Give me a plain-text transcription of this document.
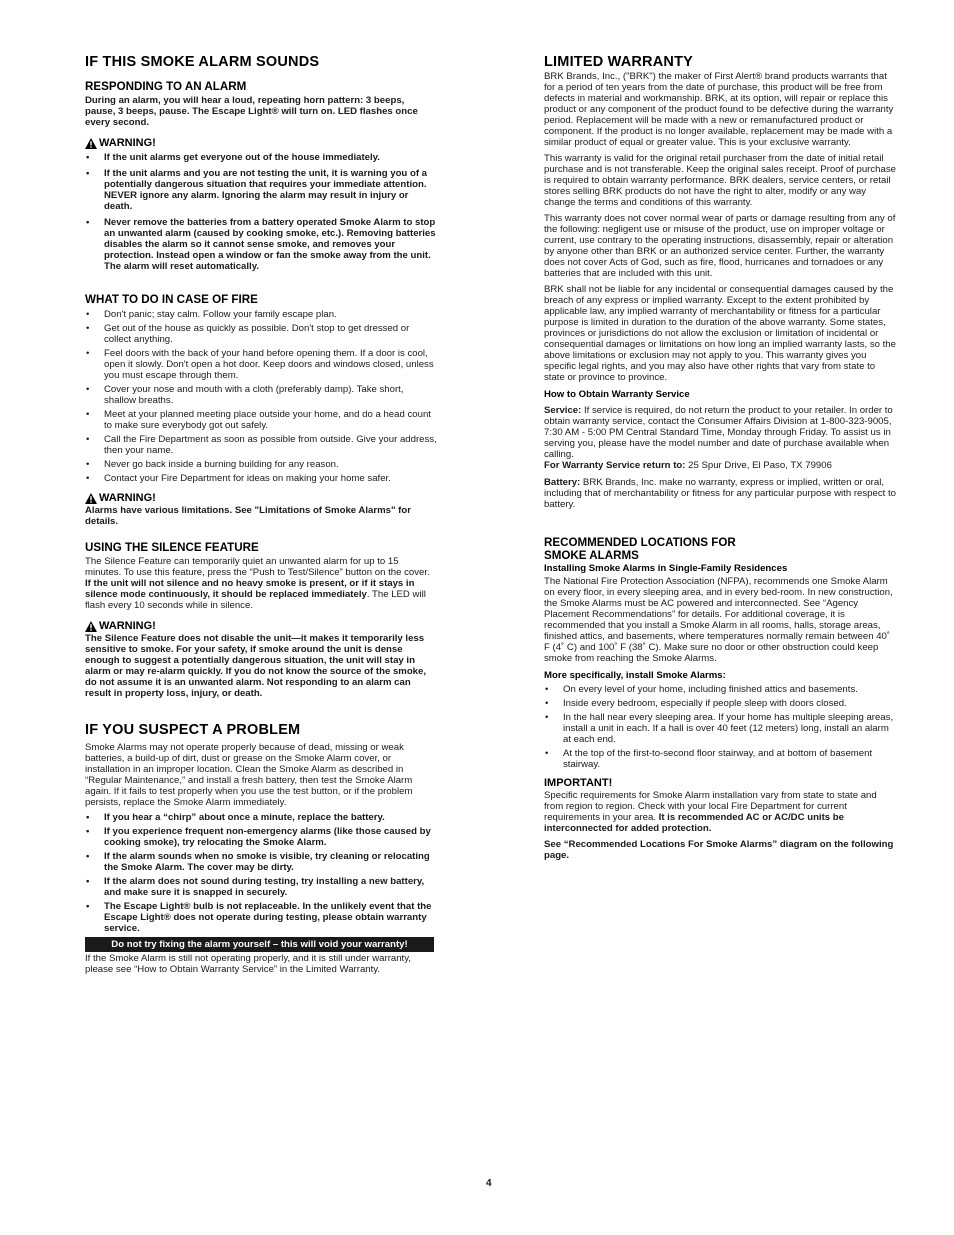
IF THIS SMOKE ALARM SOUNDS
RESPONDING TO AN ALARM

During an alarm, you will hear a loud, repeating horn pattern: 3 beeps, pause, 3 beeps, pause. The Escape Light® will turn on. LED flashes once every second.

WARNING!
• If the unit alarms get everyone out of the house immediately.
• If the unit alarms and you are not testing the unit, it is warning you of a potentially dangerous situation that requires your immediate attention. NEVER ignore any alarm. Ignoring the alarm may result in injury or death.
• Never remove the batteries from a battery operated Smoke Alarm to stop an unwanted alarm (caused by cooking smoke, etc.). Removing batteries disables the alarm so it cannot sense smoke, and removes your protection. Instead open a window or fan the smoke away from the unit. The alarm will reset automatically.
WHAT TO DO IN CASE OF FIRE
• Don't panic; stay calm. Follow your family escape plan.
• Get out of the house as quickly as possible. Don't stop to get dressed or collect anything.
• Feel doors with the back of your hand before opening them. If a door is cool, open it slowly. Don't open a hot door. Keep doors and windows closed, unless you must escape through them.
• Cover your nose and mouth with a cloth (preferably damp). Take short, shallow breaths.
• Meet at your planned meeting place outside your home, and do a head count to make sure everybody got out safely.
• Call the Fire Department as soon as possible from outside. Give your address, then your name.
• Never go back inside a burning building for any reason.
• Contact your Fire Department for ideas on making your home safer.
WARNING!

Alarms have various limitations. See "Limitations of Smoke Alarms" for details.

USING THE SILENCE FEATURE

The Silence Feature can temporarily quiet an unwanted alarm for up to 15 minutes. To use this feature, press the “Push to Test/Silence” button on the cover. If the unit will not silence and no heavy smoke is present, or if it stays in silence mode continuously, it should be replaced immediately. The LED will flash every 10 seconds while in silence.

WARNING!

The Silence Feature does not disable the unit—it makes it temporarily less sensitive to smoke. For your safety, if smoke around the unit is dense enough to suggest a potentially dangerous situation, the unit will stay in alarm or may re-alarm quickly. If you do not know the source of the smoke, do not assume it is an unwanted alarm. Not responding to an alarm can result in property loss, injury, or death.

IF YOU SUSPECT A PROBLEM

Smoke Alarms may not operate properly because of dead, missing or weak batteries, a build-up of dirt, dust or grease on the Smoke Alarm cover, or installation in an improper location. Clean the Smoke Alarm as described in “Regular Maintenance,” and install a fresh battery, then test the Smoke Alarm again. If it fails to test properly when you use the test button, or if the problem persists, replace the Smoke Alarm immediately.

• If you hear a “chirp” about once a minute, replace the battery.
• If you experience frequent non-emergency alarms (like those caused by cooking smoke), try relocating the Smoke Alarm.
• If the alarm sounds when no smoke is visible, try cleaning or relocating the Smoke Alarm. The cover may be dirty.
• If the alarm does not sound during testing, try installing a new battery, and make sure it is snapped in securely.
• The Escape Light® bulb is not replaceable. In the unlikely event that the Escape Light® does not operate during testing, please obtain warranty service.
Do not try fixing the alarm yourself – this will void your warranty!

If the Smoke Alarm is still not operating properly, and it is still under warranty, please see “How to Obtain Warranty Service” in the Limited Warranty.

LIMITED WARRANTY

BRK Brands, Inc., ("BRK") the maker of First Alert® brand products warrants that for a period of ten years from the date of purchase, this product will be free from defects in material and workmanship. BRK, at its option, will repair or replace this product or any component of the product found to be defective during the warranty period. Replacement will be made with a new or remanufactured product or component. If the product is no longer available, replacement may be made with a similar product of equal or greater value. This is your exclusive warranty.

This warranty is valid for the original retail purchaser from the date of initial retail purchase and is not transferable. Keep the original sales receipt. Proof of purchase is required to obtain warranty performance. BRK dealers, service centers, or retail stores selling BRK products do not have the right to alter, modify or any way change the terms and conditions of this warranty.

This warranty does not cover normal wear of parts or damage resulting from any of the following: negligent use or misuse of the product, use on improper voltage or current, use contrary to the operating instructions, disassembly, repair or alteration by anyone other than BRK or an authorized service center. Further, the warranty does not cover Acts of God, such as fire, flood, hurricanes and tornadoes or any batteries that are included with this unit.

BRK shall not be liable for any incidental or consequential damages caused by the breach of any express or implied warranty. Except to the extent prohibited by applicable law, any implied warranty of merchantability or fitness for a particular purpose is limited in duration to the duration of the above warranty. Some states, provinces or jurisdictions do not allow the exclusion or limitation of incidental or consequential damages or limitations on how long an implied warranty lasts, so the above limitations or exclusion may not apply to you. This warranty gives you specific legal rights, and you may also have other rights that vary from state to state or province to province.

How to Obtain Warranty Service

Service: If service is required, do not return the product to your retailer. In order to obtain warranty service, contact the Consumer Affairs Division at 1-800-323-9005, 7:30 AM - 5:00 PM Central Standard Time, Monday through Friday. To assist us in serving you, please have the model number and date of purchase available when calling.
For Warranty Service return to: 25 Spur Drive, El Paso, TX 79906

Battery: BRK Brands, Inc. make no warranty, express or implied, written or oral, including that of merchantability or fitness for any particular purpose with respect to battery.

RECOMMENDED LOCATIONS FOR
SMOKE ALARMS
Installing Smoke Alarms in Single-Family Residences

The National Fire Protection Association (NFPA), recommends one Smoke Alarm on every floor, in every sleeping area, and in every bed-room. In new construction, the Smoke Alarms must be AC powered and interconnected. See “Agency Placement Recommendations” for details. For additional coverage, it is recommended that you install a Smoke Alarm in all rooms, halls, storage areas, finished attics, and basements, where temperatures normally remain between 40˚ F (4˚ C) and 100˚ F (38˚ C). Make sure no door or other obstruction could keep smoke from reaching the Smoke Alarms.

More specifically, install Smoke Alarms:
• On every level of your home, including finished attics and basements.
• Inside every bedroom, especially if people sleep with doors closed.
• In the hall near every sleeping area. If your home has multiple sleeping areas, install a unit in each. If a hall is over 40 feet (12 meters) long, install an alarm at each end.
• At the top of the first-to-second floor stairway, and at bottom of basement stairway.
IMPORTANT!

Specific requirements for Smoke Alarm installation vary from state to state and from region to region. Check with your local Fire Department for current requirements in your area. It is recommended AC or AC/DC units be interconnected for added protection.

See “Recommended Locations For Smoke Alarms” diagram on the following page.

4
